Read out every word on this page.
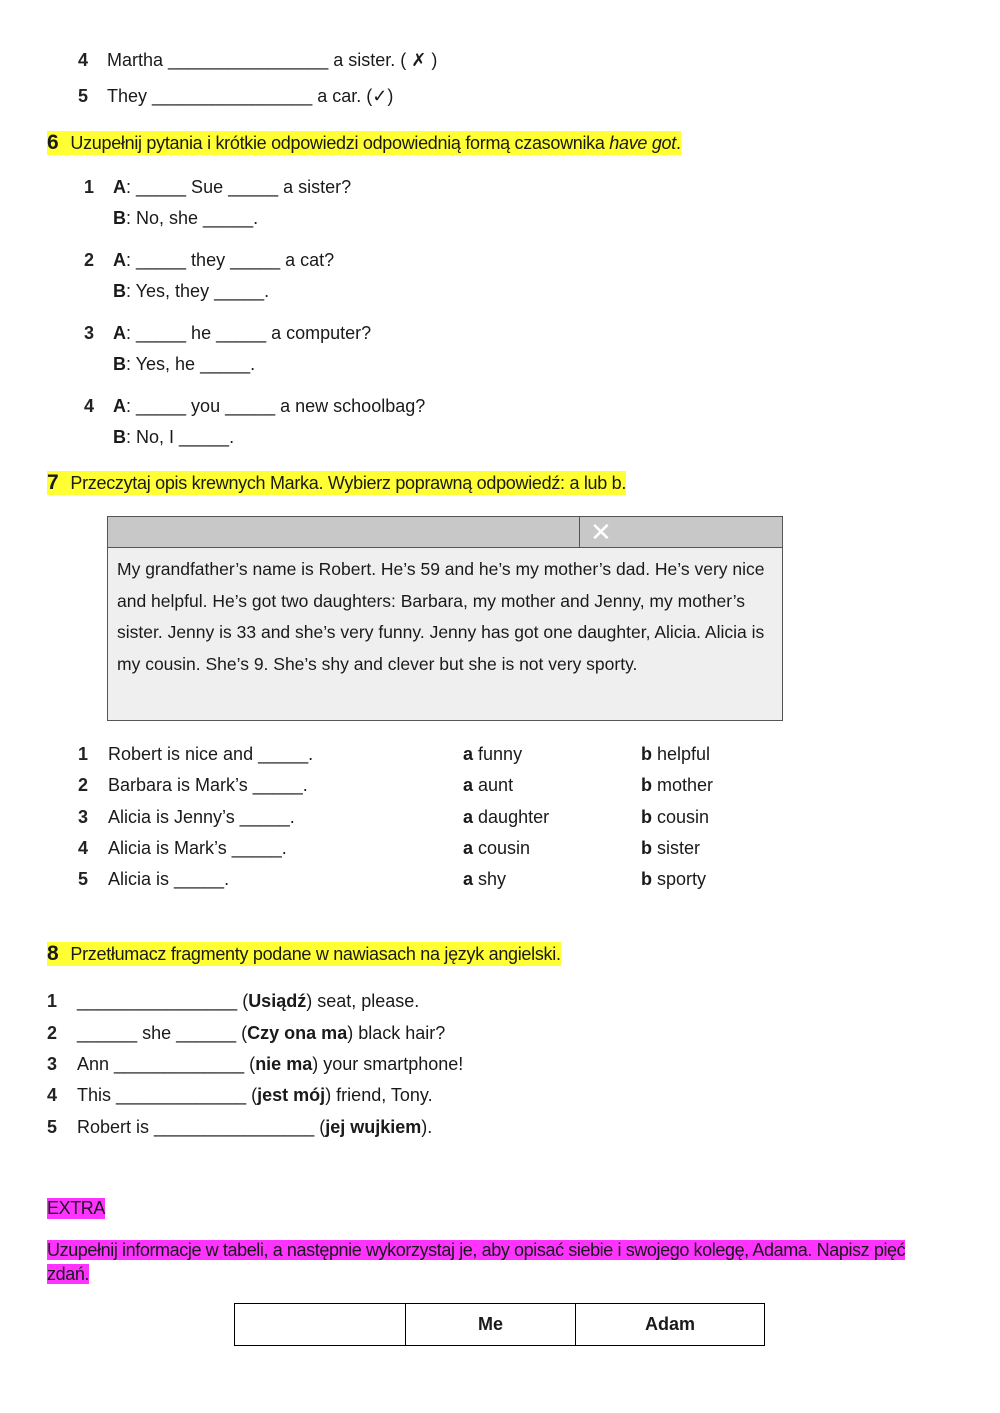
4 Martha ________________ a sister. ( ✗ )
5 They ________________ a car. (✓)
6 Uzupełnij pytania i krótkie odpowiedzi odpowiednią formą czasownika have got.
1 A: _____ Sue _____ a sister?
B: No, she _____.
2 A: _____ they _____ a cat?
B: Yes, they _____.
3 A: _____ he _____ a computer?
B: Yes, he _____.
4 A: _____ you _____ a new schoolbag?
B: No, I _____.
7 Przeczytaj opis krewnych Marka. Wybierz poprawną odpowiedź: a lub b.
✕
My grandfather’s name is Robert. He’s 59 and he’s my mother’s dad. He’s very nice and helpful. He’s got two daughters: Barbara, my mother and Jenny, my mother’s sister. Jenny is 33 and she’s very funny. Jenny has got one daughter, Alicia. Alicia is my cousin. She’s 9. She’s shy and clever but she is not very sporty.
1 Robert is nice and _____.	a funny	b helpful
2 Barbara is Mark’s _____.	a aunt	b mother
3 Alicia is Jenny’s _____.	a daughter	b cousin
4 Alicia is Mark’s _____.	a cousin	b sister
5 Alicia is _____.	a shy	b sporty
8 Przetłumacz fragmenty podane w nawiasach na język angielski.
1 ________________ (Usiądź) seat, please.
2 ______ she ______ (Czy ona ma) black hair?
3 Ann _____________ (nie ma) your smartphone!
4 This _____________ (jest mój) friend, Tony.
5 Robert is ________________ (jej wujkiem).
EXTRA
Uzupełnij informacje w tabeli, a następnie wykorzystaj je, aby opisać siebie i swojego kolegę, Adama. Napisz pięć zdań.
	Me	Adam
